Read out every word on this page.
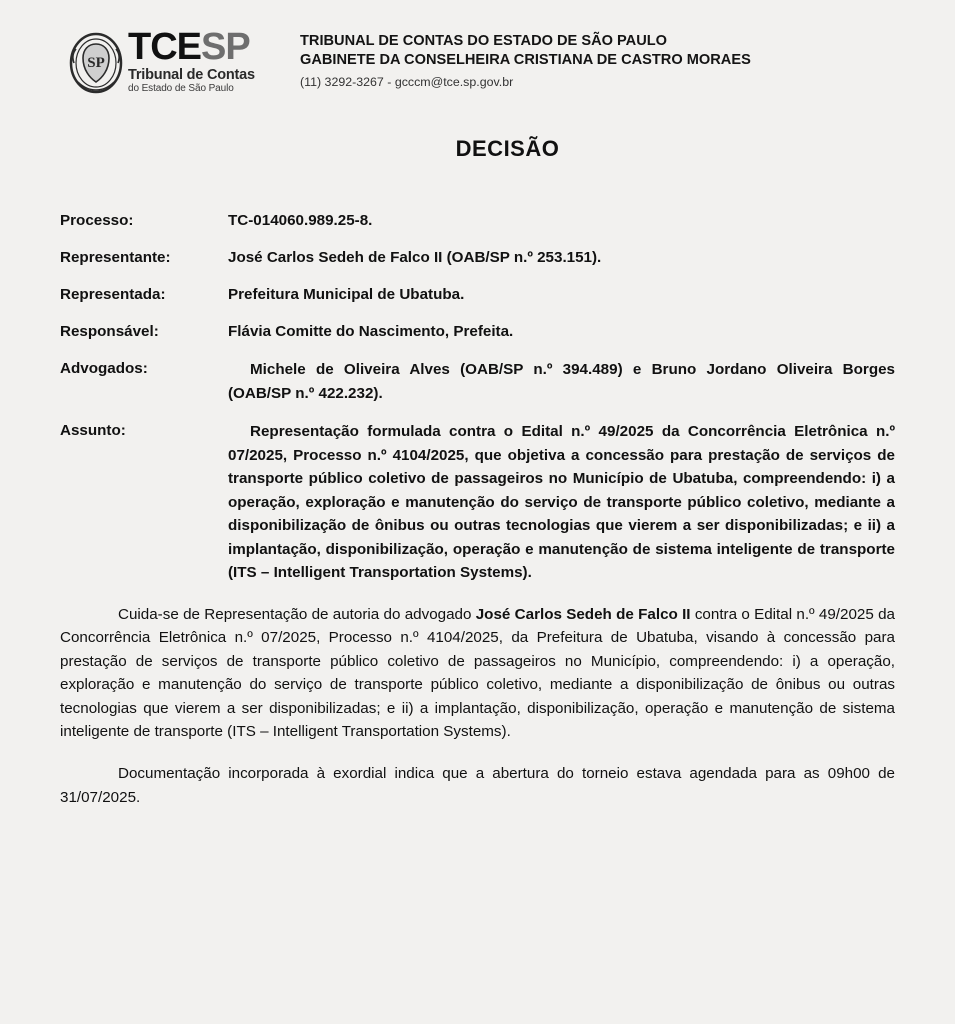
SP TCESP
Tribunal de Contas
do Estado de São Paulo
TRIBUNAL DE CONTAS DO ESTADO DE SÃO PAULO
GABINETE DA CONSELHEIRA CRISTIANA DE CASTRO MORAES
(11) 3292-3267 - gcccm@tce.sp.gov.br
DECISÃO
Processo:	TC-014060.989.25-8.
Representante:	José Carlos Sedeh de Falco II (OAB/SP n.º 253.151).
Representada:	Prefeitura Municipal de Ubatuba.
Responsável:	Flávia Comitte do Nascimento, Prefeita.
Advogados:	Michele de Oliveira Alves (OAB/SP n.º 394.489) e Bruno Jordano Oliveira Borges (OAB/SP n.º 422.232).
Assunto:	Representação formulada contra o Edital n.º 49/2025 da Concorrência Eletrônica n.º 07/2025, Processo n.º 4104/2025, que objetiva a concessão para prestação de serviços de transporte público coletivo de passageiros no Município de Ubatuba, compreendendo: i) a operação, exploração e manutenção do serviço de transporte público coletivo, mediante a disponibilização de ônibus ou outras tecnologias que vierem a ser disponibilizadas; e ii) a implantação, disponibilização, operação e manutenção de sistema inteligente de transporte (ITS – Intelligent Transportation Systems).

Cuida-se de Representação de autoria do advogado José Carlos Sedeh de Falco II contra o Edital n.º 49/2025 da Concorrência Eletrônica n.º 07/2025, Processo n.º 4104/2025, da Prefeitura de Ubatuba, visando à concessão para prestação de serviços de transporte público coletivo de passageiros no Município, compreendendo: i) a operação, exploração e manutenção do serviço de transporte público coletivo, mediante a disponibilização de ônibus ou outras tecnologias que vierem a ser disponibilizadas; e ii) a implantação, disponibilização, operação e manutenção de sistema inteligente de transporte (ITS – Intelligent Transportation Systems).

Documentação incorporada à exordial indica que a abertura do torneio estava agendada para as 09h00 de 31/07/2025.
